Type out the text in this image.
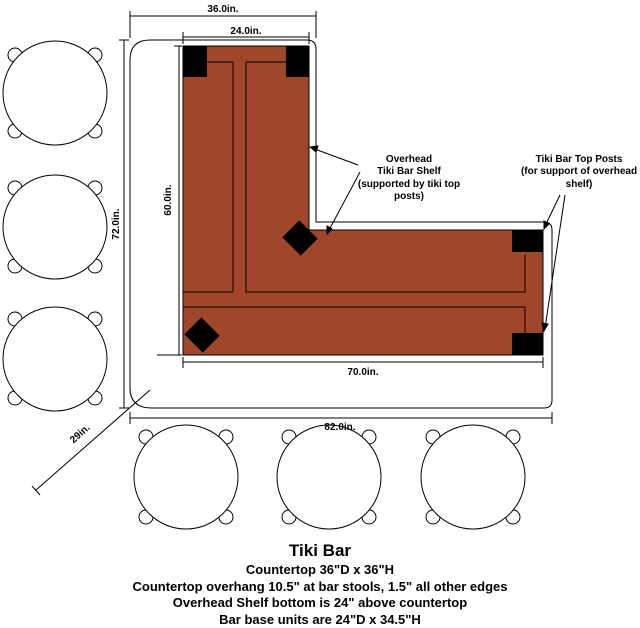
36.0in.
24.0in.
72.0in.
60.0in.
70.0in.
82.0in.
29in.
Overhead
Tiki Bar Shelf
(supported by tiki top
posts)
Tiki Bar Top Posts
(for support of overhead
shelf)
Tiki Bar
Countertop 36"D x 36"H
Countertop overhang 10.5" at bar stools, 1.5" all other edges
Overhead Shelf bottom is 24" above countertop
Bar base units are 24"D x 34.5"H
